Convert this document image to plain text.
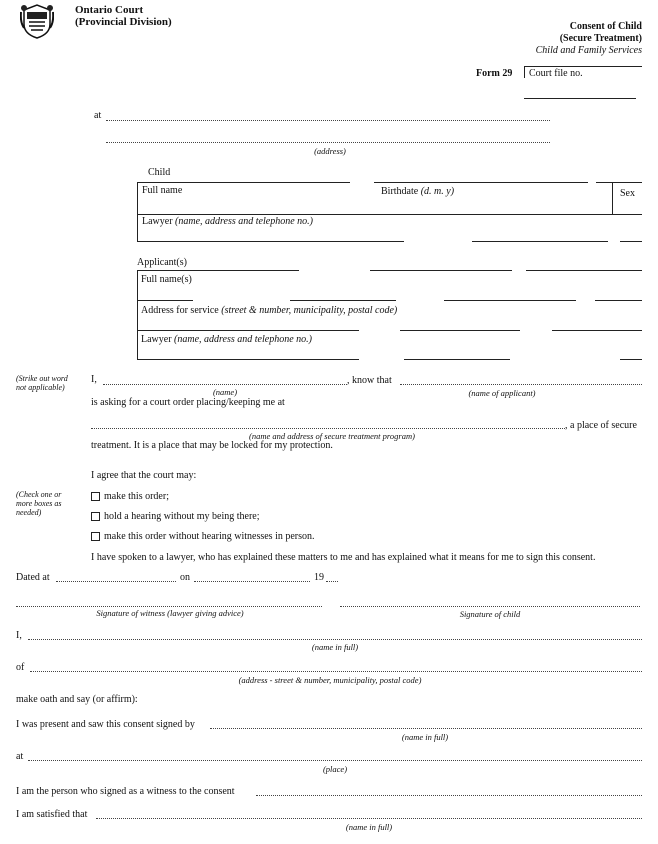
Ontario Court
(Provincial Division)	Consent of Child
(Secure Treatment)
Child and Family Services
Form 29 Court file no.
at
(address)
Child
Full name	Birthdate (d. m. y)	Sex
Lawyer (name, address and telephone no.)
Applicant(s)
Full name(s)
Address for service (street & number, municipality, postal code)
Lawyer (name, address and telephone no.)
(Strike out word not applicable)
I,	, know that
(name)	(name of applicant)
is asking for a court order placing/keeping me at
, a place of secure
(name and address of secure treatment program)
treatment. It is a place that may be locked for my protection.
I agree that the court may:
(Check one or more boxes as needed)
make this order;
hold a hearing without my being there;
make this order without hearing witnesses in person.
I have spoken to a lawyer, who has explained these matters to me and has explained what it means for me to sign this consent.
Dated at	on	19
Signature of witness (lawyer giving advice)	Signature of child
I,
(name in full)
of
(address - street & number, municipality, postal code)
make oath and say (or affirm):
I was present and saw this consent signed by
(name in full)
at
(place)
I am the person who signed as a witness to the consent
I am satisfied that
(name in full)
